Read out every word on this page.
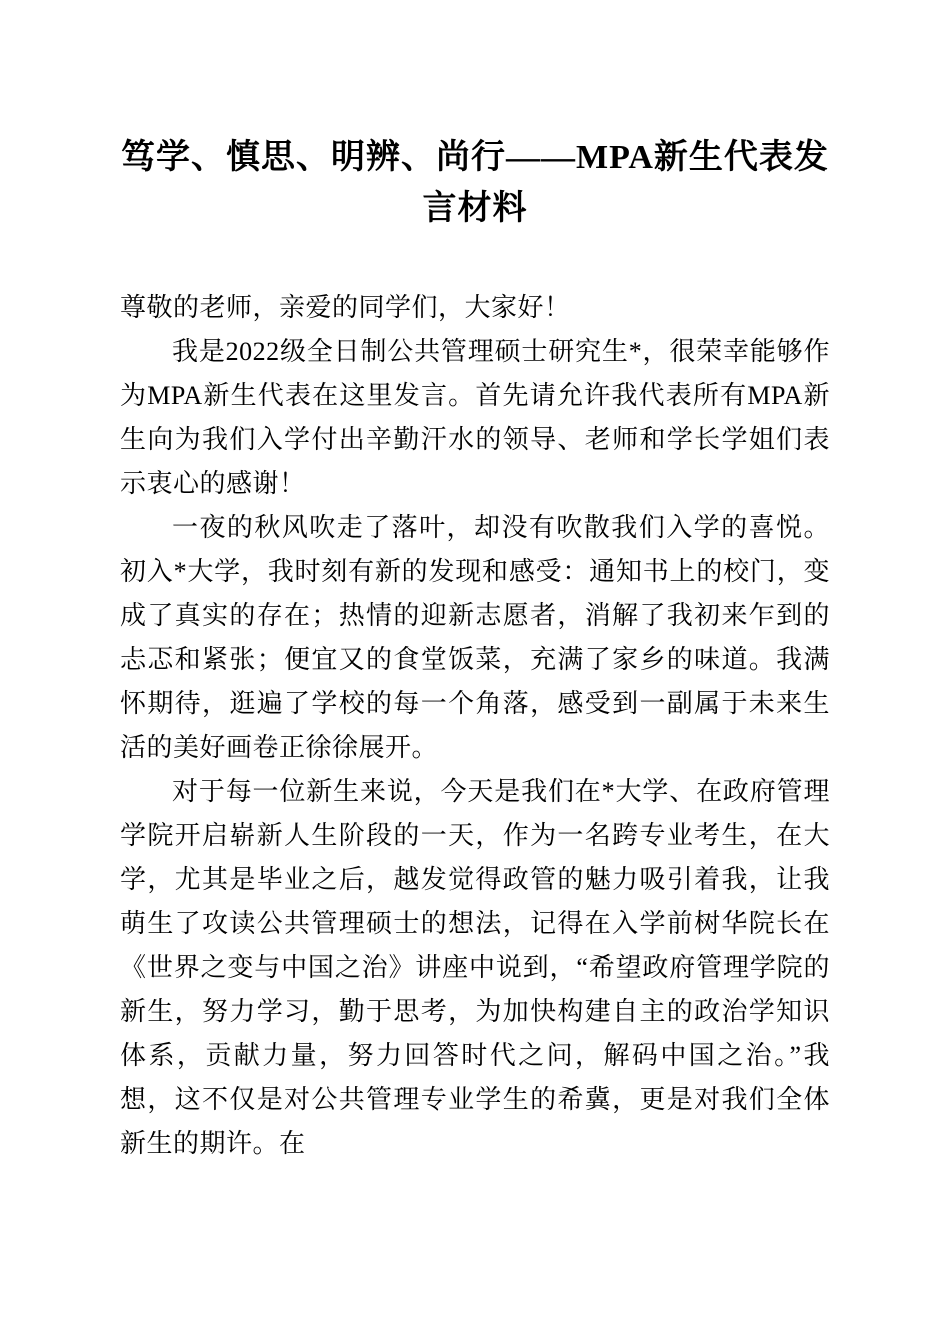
笃学、慎思、明辨、尚行——MPA新生代表发言材料

尊敬的老师，亲爱的同学们，大家好！

我是2022级全日制公共管理硕士研究生*，很荣幸能够作为MPA新生代表在这里发言。首先请允许我代表所有MPA新生向为我们入学付出辛勤汗水的领导、老师和学长学姐们表示衷心的感谢！

一夜的秋风吹走了落叶，却没有吹散我们入学的喜悦。初入*大学，我时刻有新的发现和感受：通知书上的校门，变成了真实的存在；热情的迎新志愿者，消解了我初来乍到的忐忑和紧张；便宜又的食堂饭菜，充满了家乡的味道。我满怀期待，逛遍了学校的每一个角落，感受到一副属于未来生活的美好画卷正徐徐展开。

对于每一位新生来说，今天是我们在*大学、在政府管理学院开启崭新人生阶段的一天，作为一名跨专业考生，在大学，尤其是毕业之后，越发觉得政管的魅力吸引着我，让我萌生了攻读公共管理硕士的想法，记得在入学前树华院长在《世界之变与中国之治》讲座中说到，“希望政府管理学院的新生，努力学习，勤于思考，为加快构建自主的政治学知识体系，贡献力量，努力回答时代之问，解码中国之治。”我想，这不仅是对公共管理专业学生的希冀，更是对我们全体新生的期许。在
